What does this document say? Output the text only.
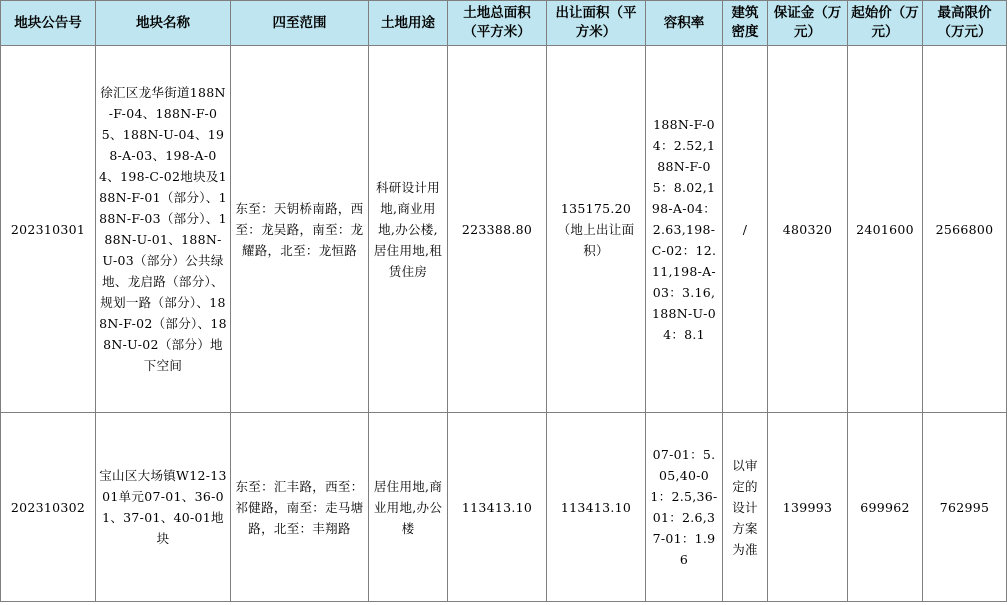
地块公告号	地块名称	四至范围	土地用途	土地总面积（平方米）	出让面积（平方米）	容积率	建筑密度	保证金（万元）	起始价（万元）	最高限价（万元）
202310301	徐汇区龙华街道188N-F-04、188N-F-05、188N-U-04、198-A-03、198-A-04、198-C-02地块及188N-F-01（部分）、188N-F-03（部分）、188N-U-01、188N-U-03（部分）公共绿地、龙启路（部分）、规划一路（部分）、188N-F-02（部分）、188N-U-02（部分）地下空间	东至：天钥桥南路，西至：龙吴路，南至：龙耀路，北至：龙恒路	科研设计用地,商业用地,办公楼,居住用地,租赁住房	223388.80	135175.20（地上出让面积）	188N-F-04：2.52,188N-F-05：8.02,198-A-04：2.63,198-C-02：12.11,198-A-03：3.16,188N-U-04：8.1	/	480320	2401600	2566800
202310302	宝山区大场镇W12-1301单元07-01、36-01、37-01、40-01地块	东至：汇丰路，西至：祁健路，南至：走马塘路，北至：丰翔路	居住用地,商业用地,办公楼	113413.10	113413.10	07-01：5.05,40-01：2.5,36-01：2.6,37-01：1.96	以审定的设计方案为准	139993	699962	762995
